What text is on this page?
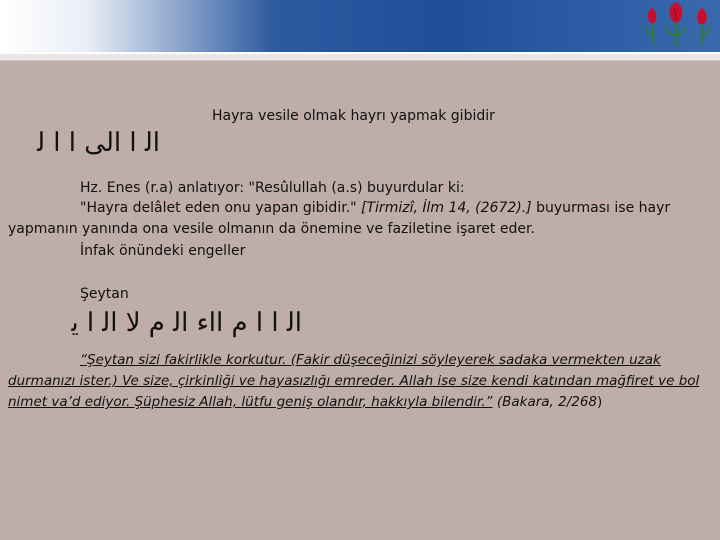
Hayra vesile olmak hayrı yapmak gibidir
ﺍﻟ ﺍ ﺍﻟﻰ ﺍ ﺍ ﻟ
Hz. Enes (r.a) anlatıyor: "Resûlullah (a.s) buyurdular ki:
"Hayra delâlet eden onu yapan gibidir." [Tirmizî, İlm 14, (2672).] buyurması ise hayr yapmanın yanında ona vesile olmanın da önemine ve faziletine işaret eder.
İnfak önündeki engeller
Şeytan
ﺍﻟ ﺍ ﺍ ﻡ ﺍﺍﺀ ﺍﻟ ﻡ ﻻ ﺍﻟ ﺍ ﻳ
“Şeytan sizi fakirlikle korkutur. (Fakir düşeceğinizi söyleyerek sadaka vermekten uzak durmanızı ister.) Ve size, çirkinliği ve hayasızlığı emreder. Allah ise size kendi katından mağfiret ve bol nimet va’d ediyor. Şüphesiz Allah, lütfu geniş olandır, hakkıyla bilendir.” (Bakara, 2/268)
